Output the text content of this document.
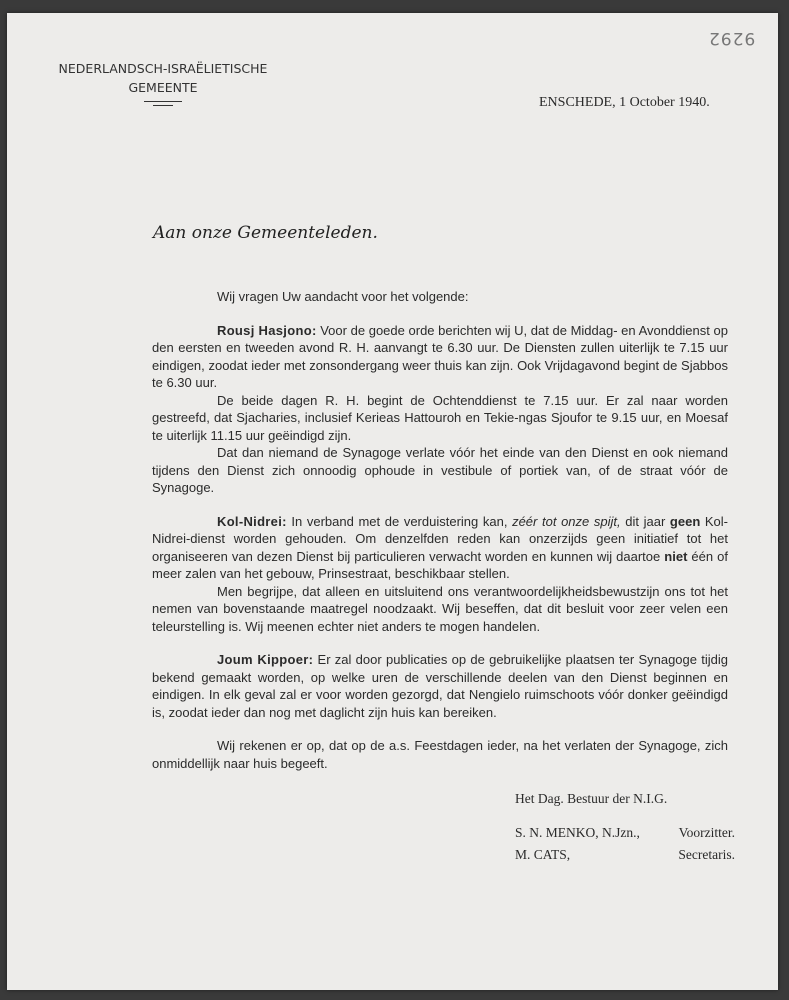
9292
NEDERLANDSCH-ISRAËLIETISCHE
GEMEENTE
ENSCHEDE, 1 October 1940.
Aan onze Gemeenteleden.

Wij vragen Uw aandacht voor het volgende:

Rousj Hasjono: Voor de goede orde berichten wij U, dat de Middag- en Avonddienst op den eersten en tweeden avond R. H. aanvangt te 6.30 uur. De Diensten zullen uiterlijk te 7.15 uur eindigen, zoodat ieder met zonsondergang weer thuis kan zijn. Ook Vrijdagavond begint de Sjabbos te 6.30 uur.

De beide dagen R. H. begint de Ochtenddienst te 7.15 uur. Er zal naar worden gestreefd, dat Sjacharies, inclusief Kerieas Hattouroh en Tekie-ngas Sjoufor te 9.15 uur, en Moesaf te uiterlijk 11.15 uur geëindigd zijn.

Dat dan niemand de Synagoge verlate vóór het einde van den Dienst en ook niemand tijdens den Dienst zich onnoodig ophoude in vestibule of portiek van, of de straat vóór de Synagoge.

Kol-Nidrei: In verband met de verduistering kan, zéér tot onze spijt, dit jaar geen Kol-Nidrei-dienst worden gehouden. Om denzelfden reden kan onzerzijds geen initiatief tot het organiseeren van dezen Dienst bij particulieren verwacht worden en kunnen wij daartoe niet één of meer zalen van het gebouw, Prinsestraat, beschikbaar stellen.

Men begrijpe, dat alleen en uitsluitend ons verantwoordelijkheidsbewustzijn ons tot het nemen van bovenstaande maatregel noodzaakt. Wij beseffen, dat dit besluit voor zeer velen een teleurstelling is. Wij meenen echter niet anders te mogen handelen.

Joum Kippoer: Er zal door publicaties op de gebruikelijke plaatsen ter Synagoge tijdig bekend gemaakt worden, op welke uren de verschillende deelen van den Dienst beginnen en eindigen. In elk geval zal er voor worden gezorgd, dat Nengielo ruimschoots vóór donker geëindigd is, zoodat ieder dan nog met daglicht zijn huis kan bereiken.

Wij rekenen er op, dat op de a.s. Feestdagen ieder, na het verlaten der Synagoge, zich onmiddellijk naar huis begeeft.

Het Dag. Bestuur der N.I.G.
S. N. MENKO, N.Jzn.,	Voorzitter.
M. CATS,	Secretaris.
